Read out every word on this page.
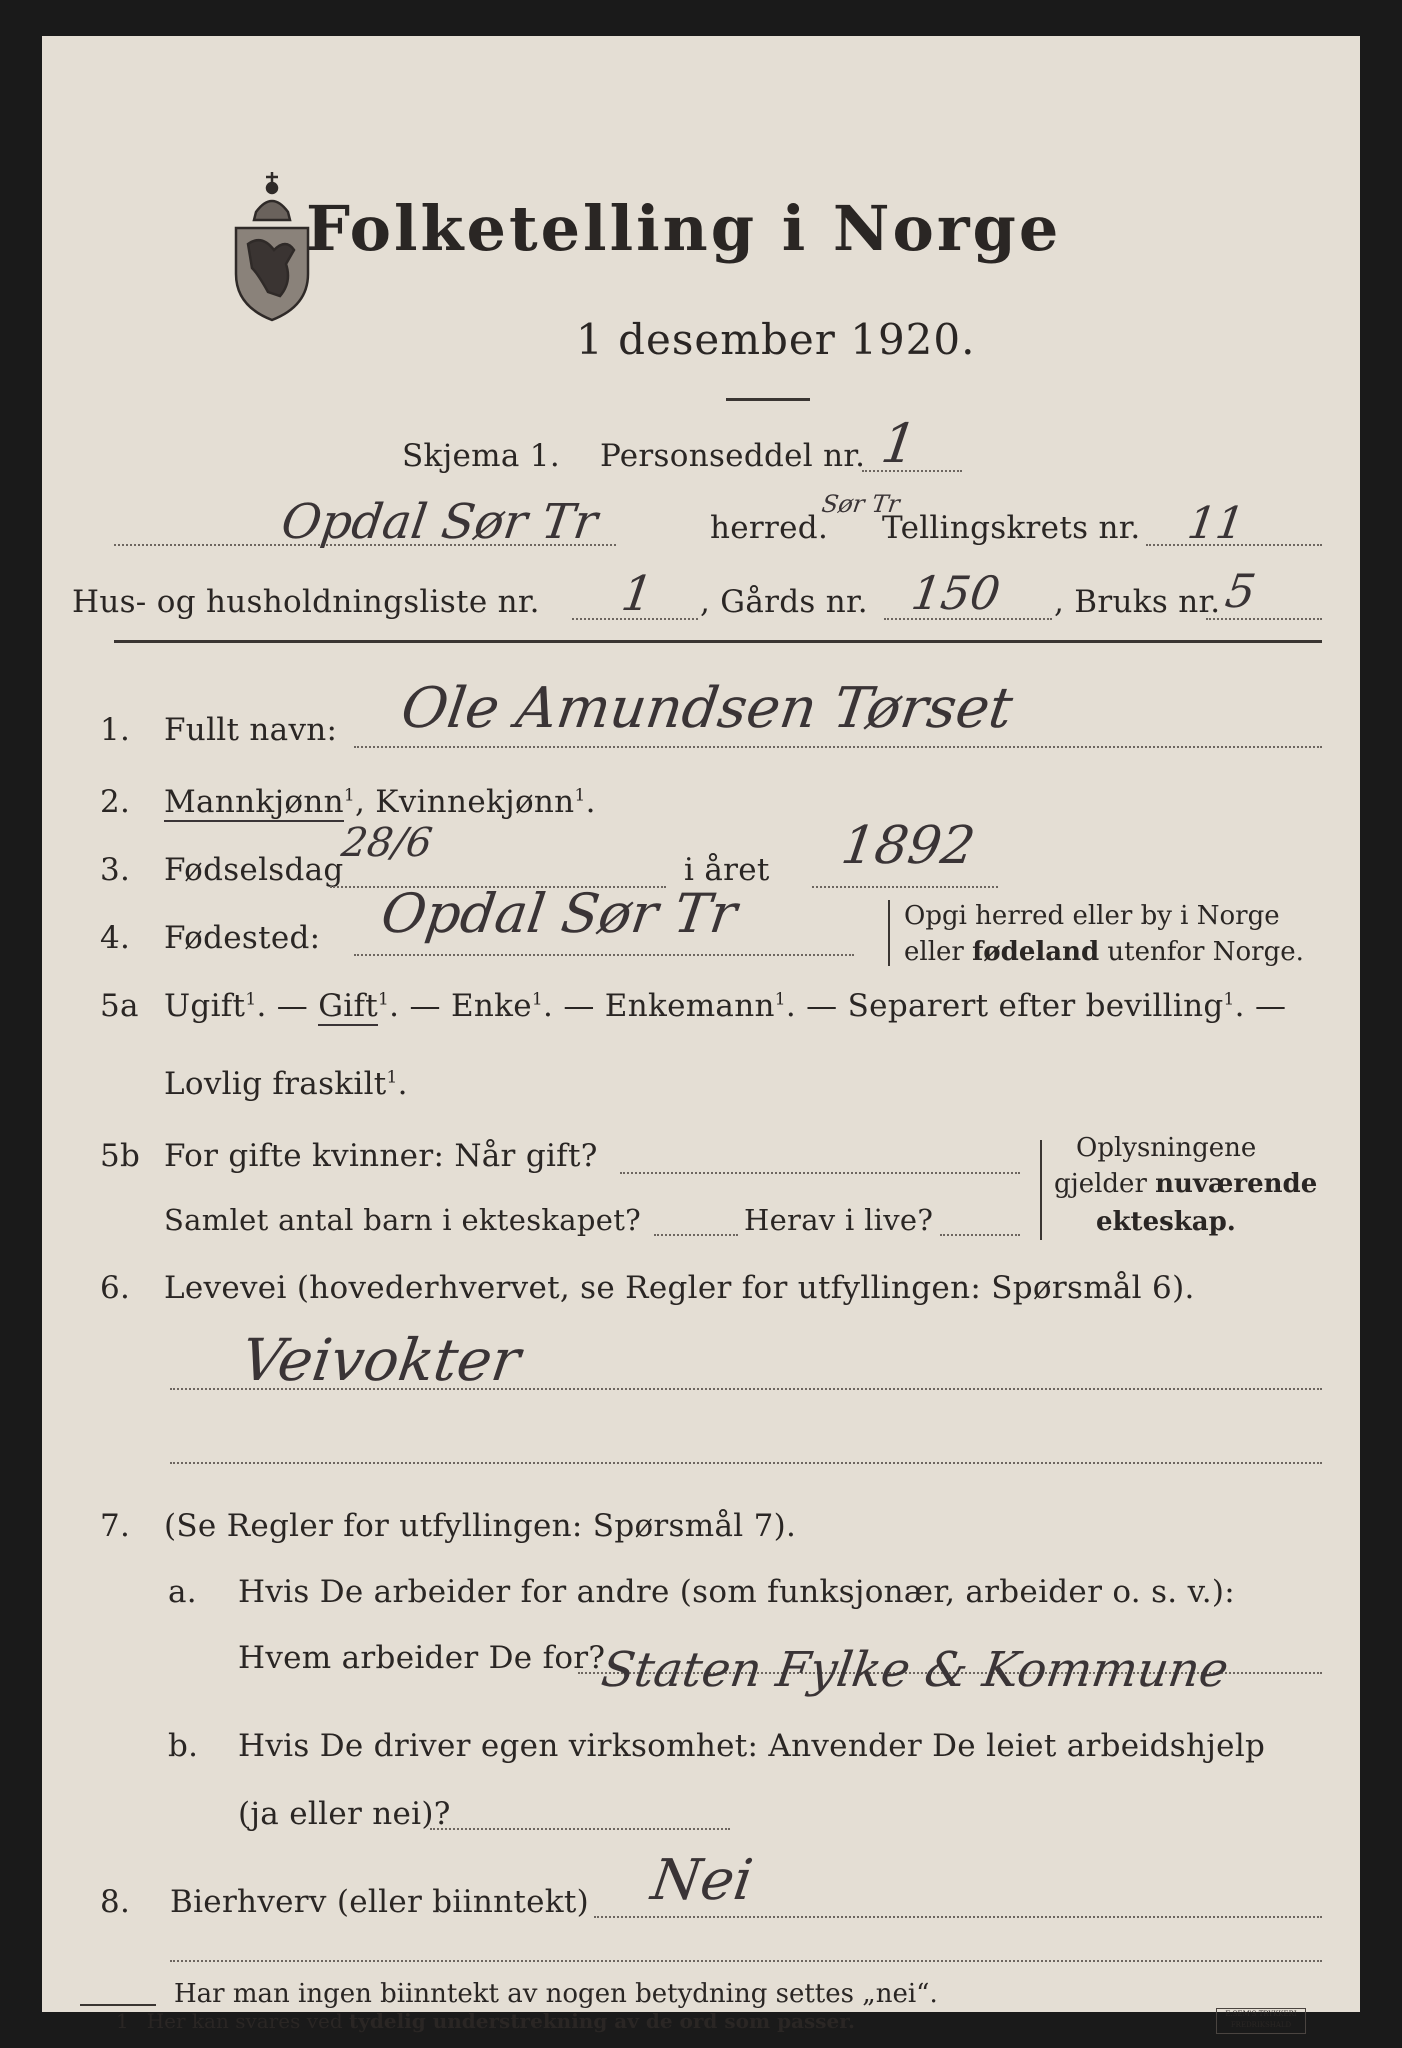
Folketelling i Norge
1 desember 1920.
Skjema 1. Personseddel nr. 1
Opdal Sør Tr	Sør Tr
herred. Tellingskrets nr. 11
Hus- og husholdningsliste nr. 1 , Gårds nr. 150 , Bruks nr. 5
1. Fullt navn: Ole Amundsen Tørset
2. Mannkjønn$^1$, Kvinnekjønn$^1$.
3. Fødselsdag
28/6
i året 1892
4. Fødested: Opdal Sør Tr	Opgi herred eller by i Norge
eller fødeland utenfor Norge.
5a Ugift$^1$. — Gift$^1$. — Enke$^1$. — Enkemann$^1$. — Separert efter bevilling$^1$. —
Lovlig fraskilt$^1$.
5b For gifte kvinner: Når gift?
Samlet antal barn i ekteskapet?	Herav i live?
Oplysningene
gjelder nuværende
ekteskap.
6. Levevei (hovederhvervet, se Regler for utfyllingen: Spørsmål 6).
Veivokter
7. (Se Regler for utfyllingen: Spørsmål 7).
a. Hvis De arbeider for andre (som funksjonær, arbeider o. s. v.):
Hvem arbeider De for?
Staten Fylke & Kommune
b. Hvis De driver egen virksomhet: Anvender De leiet arbeidshjelp
(ja eller nei)?
8. Bierhverv (eller biinntekt) Nei
Har man ingen biinntekt av nogen betydning settes „nei“.
1 Her kan svares ved tydelig understrekning av de ord som passer.	E.SEM'S TRYKKERI
FREDRIKSHALD
